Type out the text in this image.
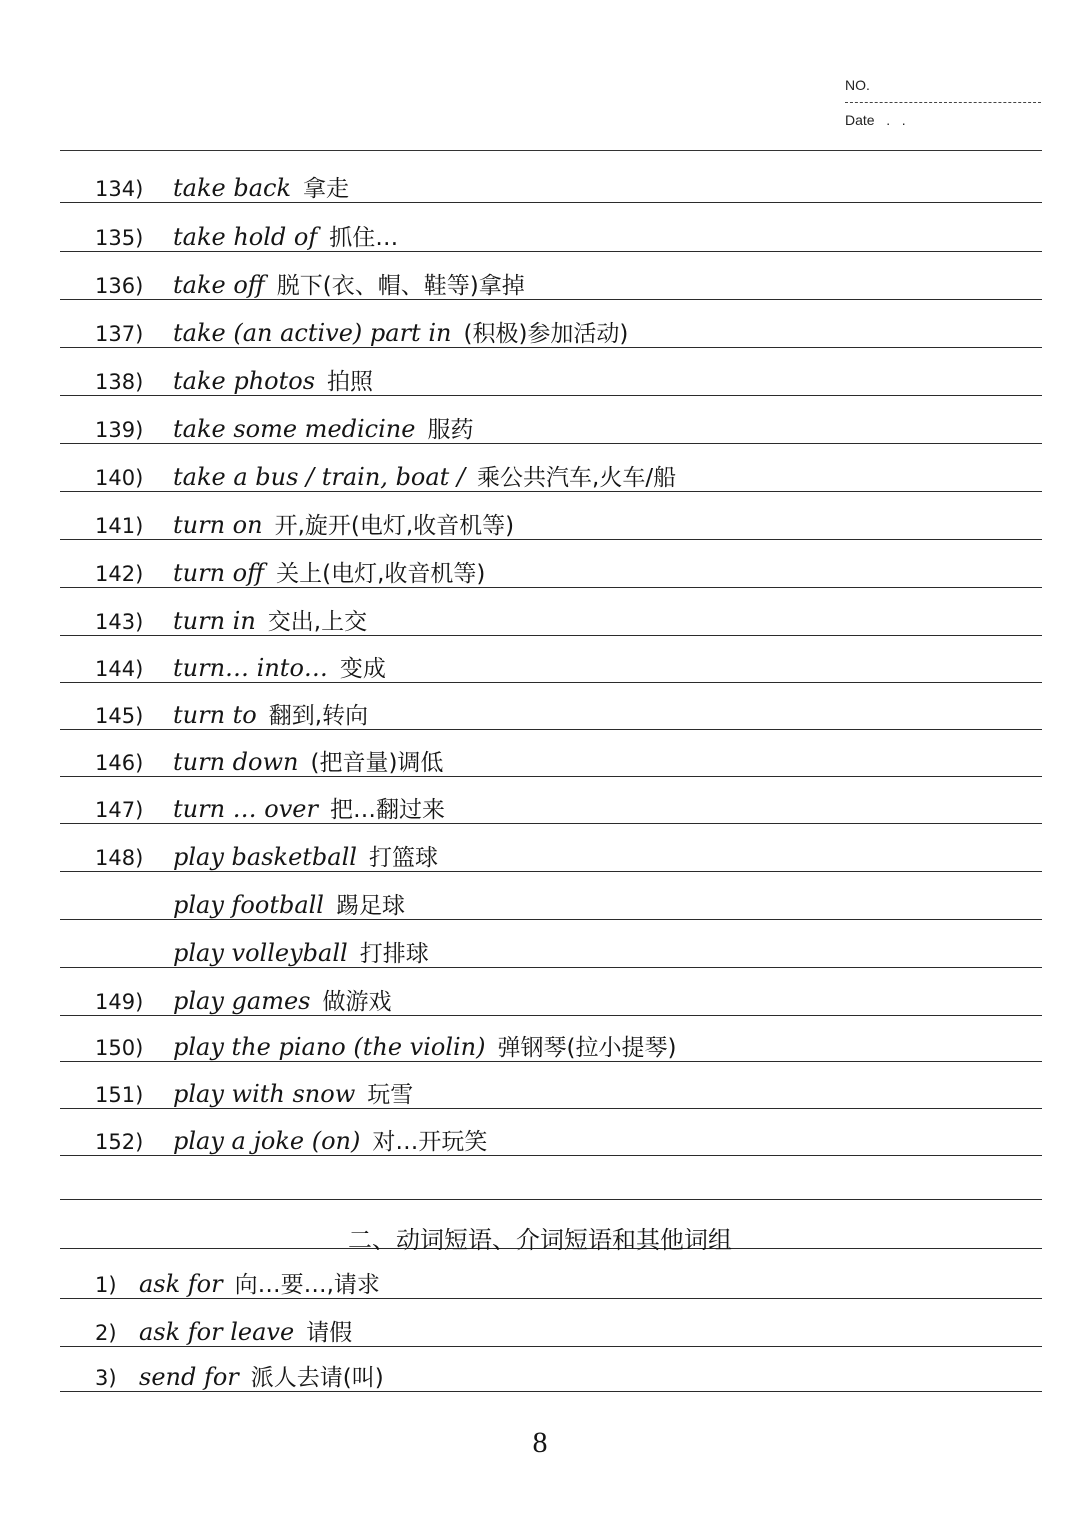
NO.
Date   .   .
134) take back 拿走
135) take hold of 抓住…
136) take off 脱下(衣、帽、鞋等)拿掉
137) take (an active) part in (积极)参加活动)
138) take photos 拍照
139) take some medicine 服药
140) take a bus / train, boat / 乘公共汽车,火车/船
141) turn on 开,旋开(电灯,收音机等)
142) turn off 关上(电灯,收音机等)
143) turn in 交出,上交
144) turn… into… 变成
145) turn to 翻到,转向
146) turn down (把音量)调低
147) turn … over 把…翻过来
148) play basketball 打篮球
play football 踢足球
play volleyball 打排球
149) play games 做游戏
150) play the piano (the violin) 弹钢琴(拉小提琴)
151) play with snow 玩雪
152) play a joke (on) 对…开玩笑
二、动词短语、介词短语和其他词组
1) ask for 向…要…,请求
2) ask for leave 请假
3) send for 派人去请(叫)
8
